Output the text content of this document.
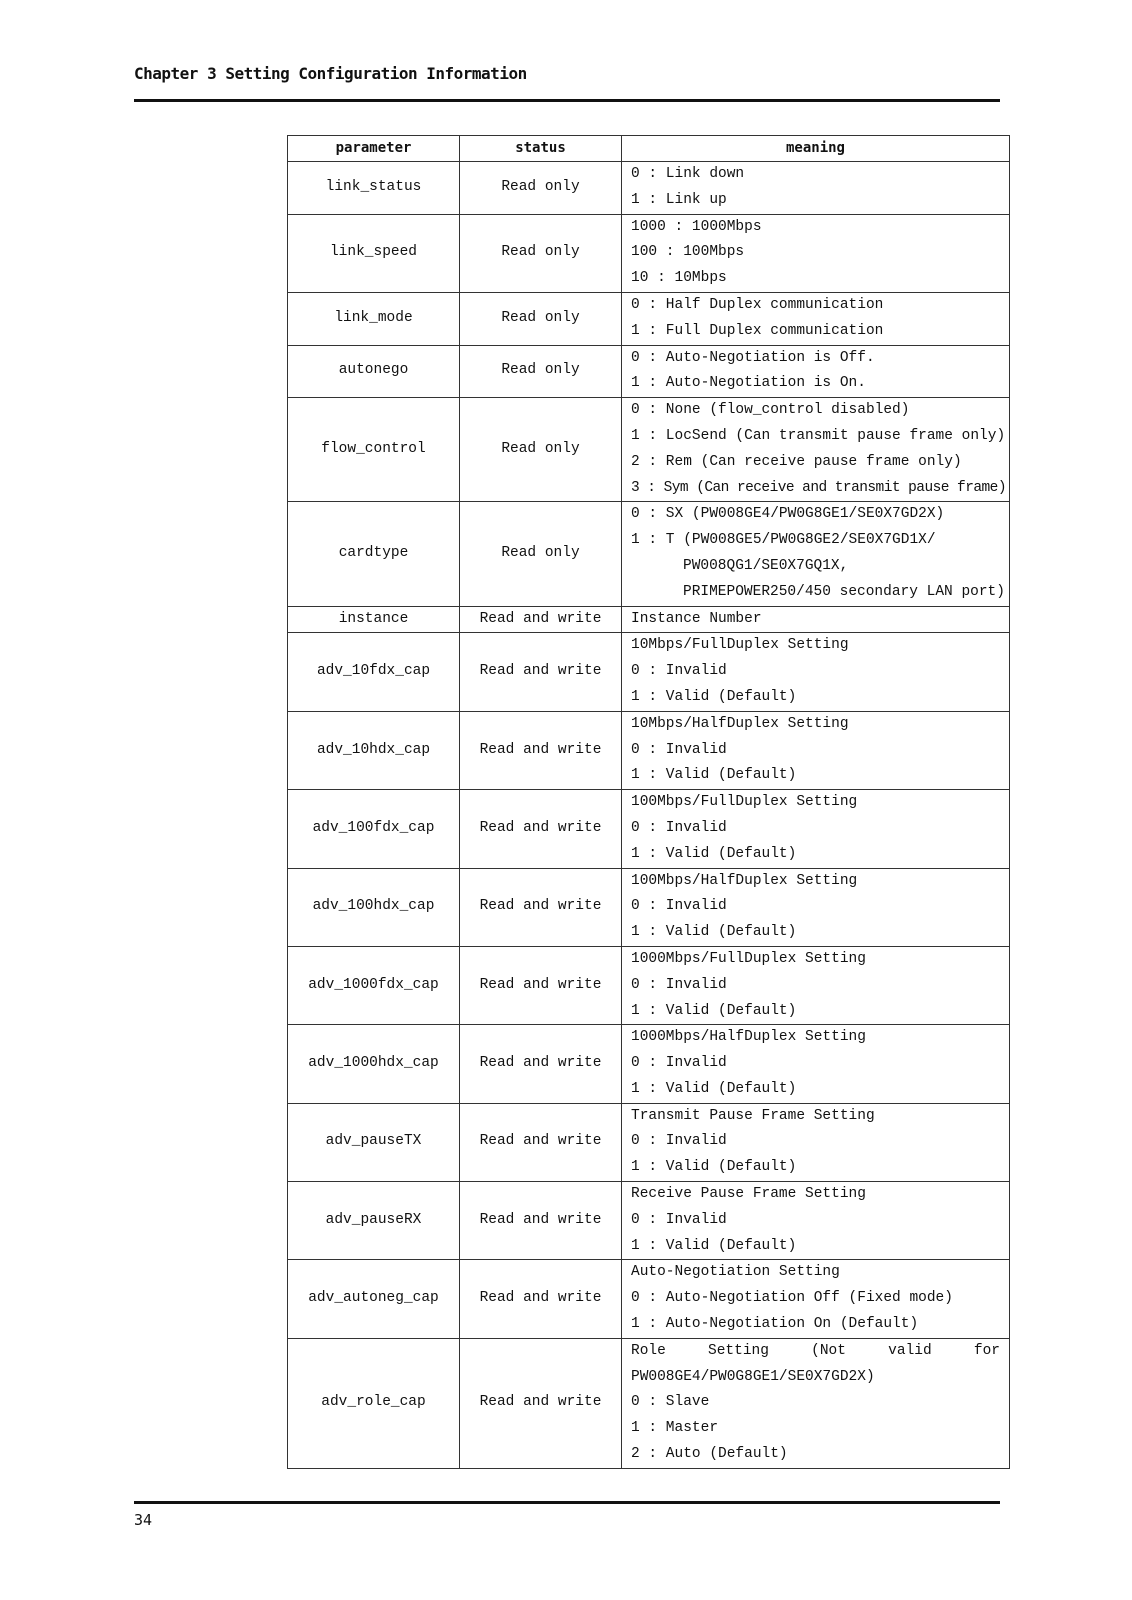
Chapter 3 Setting Configuration Information
parameter	status	meaning
link_status	Read only	0 : Link down
1 : Link up

link_speed	Read only	1000 : 1000Mbps
100 : 100Mbps
10 : 10Mbps

link_mode	Read only	0 : Half Duplex communication
1 : Full Duplex communication

autonego	Read only	0 : Auto-Negotiation is Off.
1 : Auto-Negotiation is On.

flow_control	Read only	0 : None (flow_control disabled)
1 : LocSend (Can transmit pause frame only)
2 : Rem (Can receive pause frame only)
3 : Sym (Can receive and transmit pause frame)

cardtype	Read only	0 : SX (PW008GE4/PW0G8GE1/SE0X7GD2X)
1 : T (PW008GE5/PW0G8GE2/SE0X7GD1X/
PW008QG1/SE0X7GQ1X,
PRIMEPOWER250/450 secondary LAN port)

instance	Read and write	Instance Number

adv_10fdx_cap	Read and write	10Mbps/FullDuplex Setting
0 : Invalid
1 : Valid (Default)

adv_10hdx_cap	Read and write	10Mbps/HalfDuplex Setting
0 : Invalid
1 : Valid (Default)

adv_100fdx_cap	Read and write	100Mbps/FullDuplex Setting
0 : Invalid
1 : Valid (Default)

adv_100hdx_cap	Read and write	100Mbps/HalfDuplex Setting
0 : Invalid
1 : Valid (Default)

adv_1000fdx_cap	Read and write	1000Mbps/FullDuplex Setting
0 : Invalid
1 : Valid (Default)

adv_1000hdx_cap	Read and write	1000Mbps/HalfDuplex Setting
0 : Invalid
1 : Valid (Default)

adv_pauseTX	Read and write	Transmit Pause Frame Setting
0 : Invalid
1 : Valid (Default)

adv_pauseRX	Read and write	Receive Pause Frame Setting
0 : Invalid
1 : Valid (Default)

adv_autoneg_cap	Read and write	Auto-Negotiation Setting
0 : Auto-Negotiation Off (Fixed mode)
1 : Auto-Negotiation On (Default)

adv_role_cap	Read and write	Role Setting (Not valid for
PW008GE4/PW0G8GE1/SE0X7GD2X)
0 : Slave
1 : Master
2 : Auto (Default)
34
